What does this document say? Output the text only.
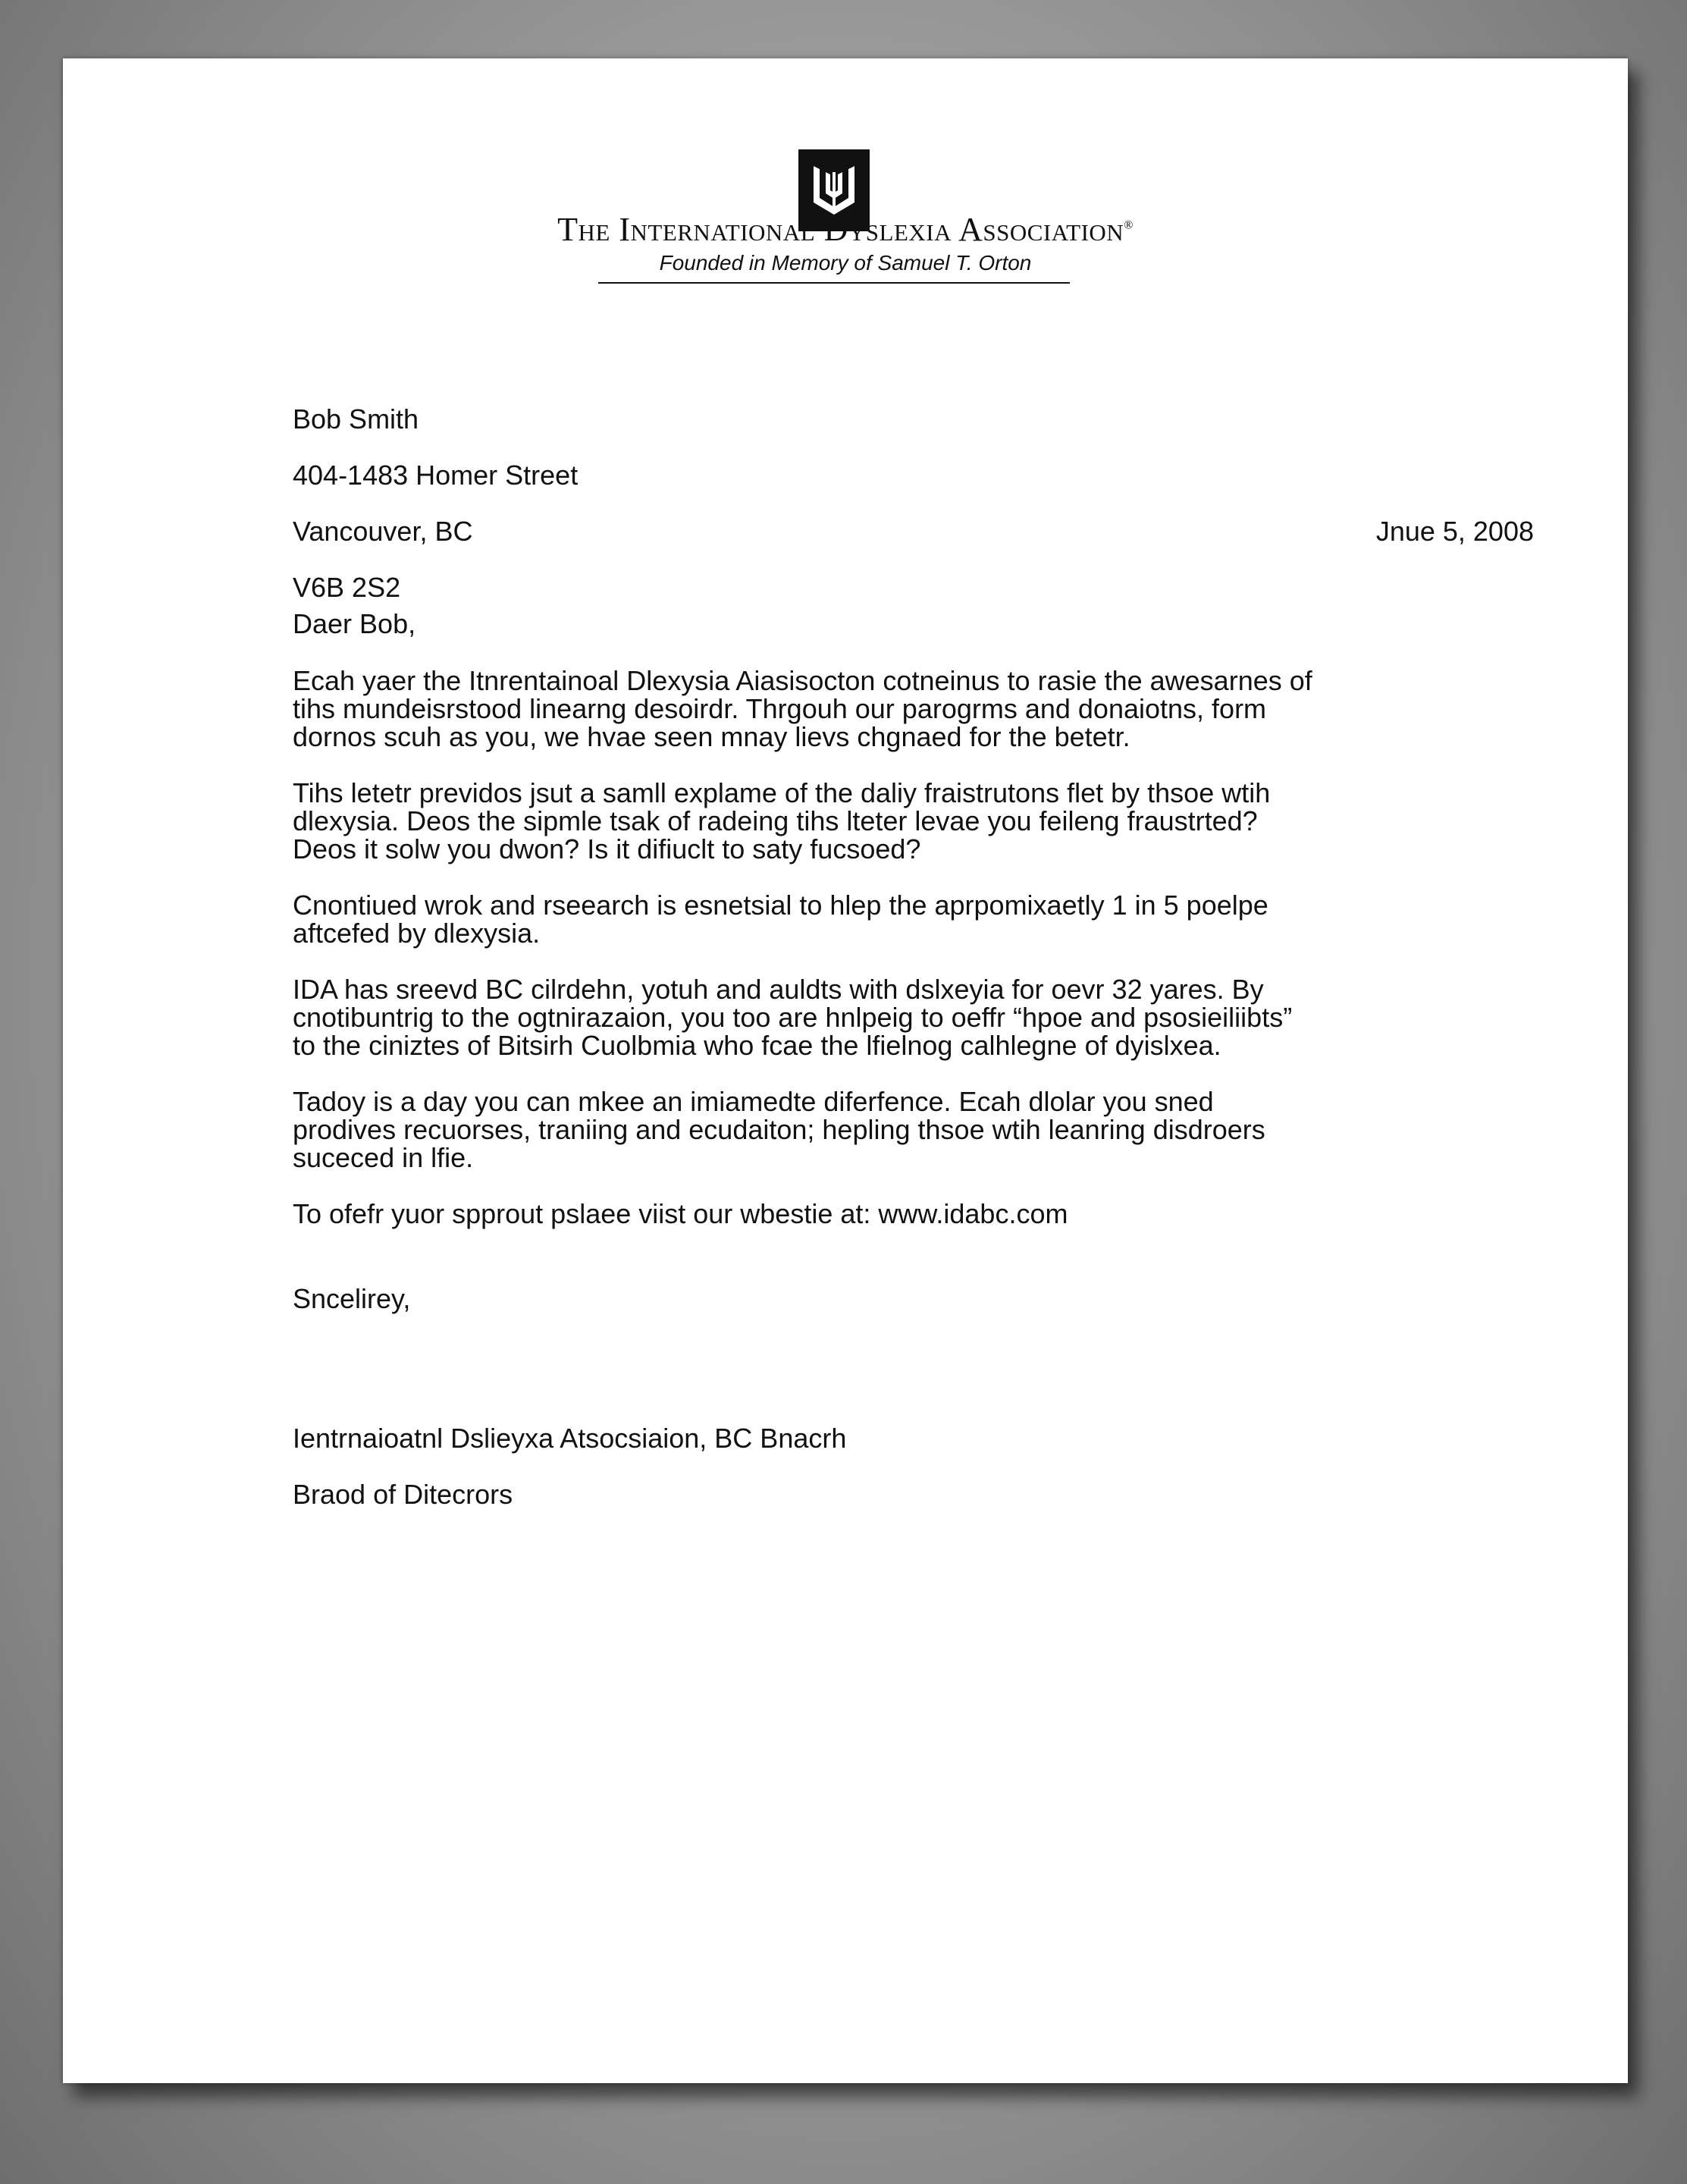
The International Dyslexia Association®
Founded in Memory of Samuel T. Orton

Bob Smith

404-1483 Homer Street

Vancouver, BC

V6B 2S2

Jnue 5, 2008
Daer Bob,

Ecah yaer the Itnrentainoal Dlexysia Aiasisocton cotneinus to rasie the awesarnes of
tihs mundeisrstood linearng desoirdr. Thrgouh our parogrms and donaiotns, form
dornos scuh as you, we hvae seen mnay lievs chgnaed for the betetr.

Tihs letetr previdos jsut a samll explame of the daliy fraistrutons flet by thsoe wtih
dlexysia. Deos the sipmle tsak of radeing tihs lteter levae you feileng fraustrted?
Deos it solw you dwon? Is it difiuclt to saty fucsoed?

Cnontiued wrok and rseearch is esnetsial to hlep the aprpomixaetly 1 in 5 poelpe
aftcefed by dlexysia.

IDA has sreevd BC cilrdehn, yotuh and auldts with dslxeyia for oevr 32 yares. By
cnotibuntrig to the ogtnirazaion, you too are hnlpeig to oeffr “hpoe and psosieiliibts”
to the ciniztes of Bitsirh Cuolbmia who fcae the lfielnog calhlegne of dyislxea.

Tadoy is a day you can mkee an imiamedte diferfence. Ecah dlolar you sned
prodives recuorses, traniing and ecudaiton; hepling thsoe wtih leanring disdroers
suceced in lfie.

To ofefr yuor spprout pslaee viist our wbestie at: www.idabc.com

Sncelirey,

Ientrnaioatnl Dslieyxa Atsocsiaion, BC Bnacrh

Braod of Ditecrors
